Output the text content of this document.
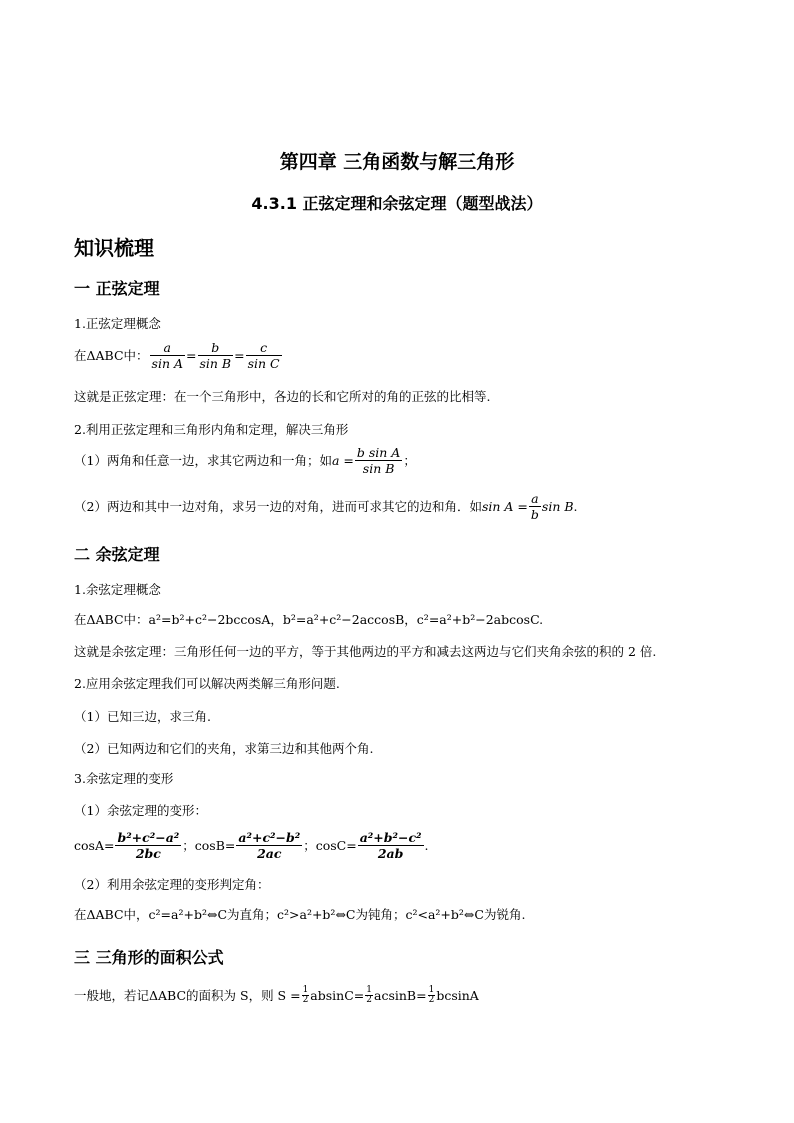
第四章 三角函数与解三角形
4.3.1 正弦定理和余弦定理（题型战法）
知识梳理
一 正弦定理
1.正弦定理概念
在ΔABC中： $\frac{a}{\text{sin A}} = \frac{b}{\text{sin B}} = \frac{c}{\text{sin C}}$
这就是正弦定理：在一个三角形中，各边的长和它所对的角的正弦的比相等.
2.利用正弦定理和三角形内角和定理，解决三角形
（1）两角和任意一边，求其它两边和一角；如 $a = \frac{\text{b sin A}}{\text{sin B}}$ ；
（2）两边和其中一边对角，求另一边的对角，进而可求其它的边和角．如 $\sin A = \frac{a}{b}$ sin B .
二 余弦定理
1.余弦定理概念
在ΔABC中：a²=b²+c²−2bccosA，b²=a²+c²−2accosB，c²=a²+b²−2abcosC.
这就是余弦定理：三角形任何一边的平方，等于其他两边的平方和减去这两边与它们夹角余弦的积的 2 倍.
2.应用余弦定理我们可以解决两类解三角形问题.
（1）已知三边，求三角.
（2）已知两边和它们的夹角，求第三边和其他两个角.
3.余弦定理的变形
（1）余弦定理的变形：
$\cos A= \frac{\text{b²+c²−a²}}{2bc}$ ；$\cos B= \frac{\text{a²+c²−b²}}{2ac}$ ；$\cos C= \frac{\text{a²+b²−c²}}{2ab}$ .
（2）利用余弦定理的变形判定角：
在ΔABC中，c²=a²+b²⇔C为直角；c²>a²+b²⇔C为钝角；c²<a²+b²⇔C为锐角.
三 三角形的面积公式
一般地，若记ΔABC的面积为 S，则 $S = \frac{1}{2} absinC= \frac{1}{2} acsinB= \frac{1}{2}$ bcsinA
